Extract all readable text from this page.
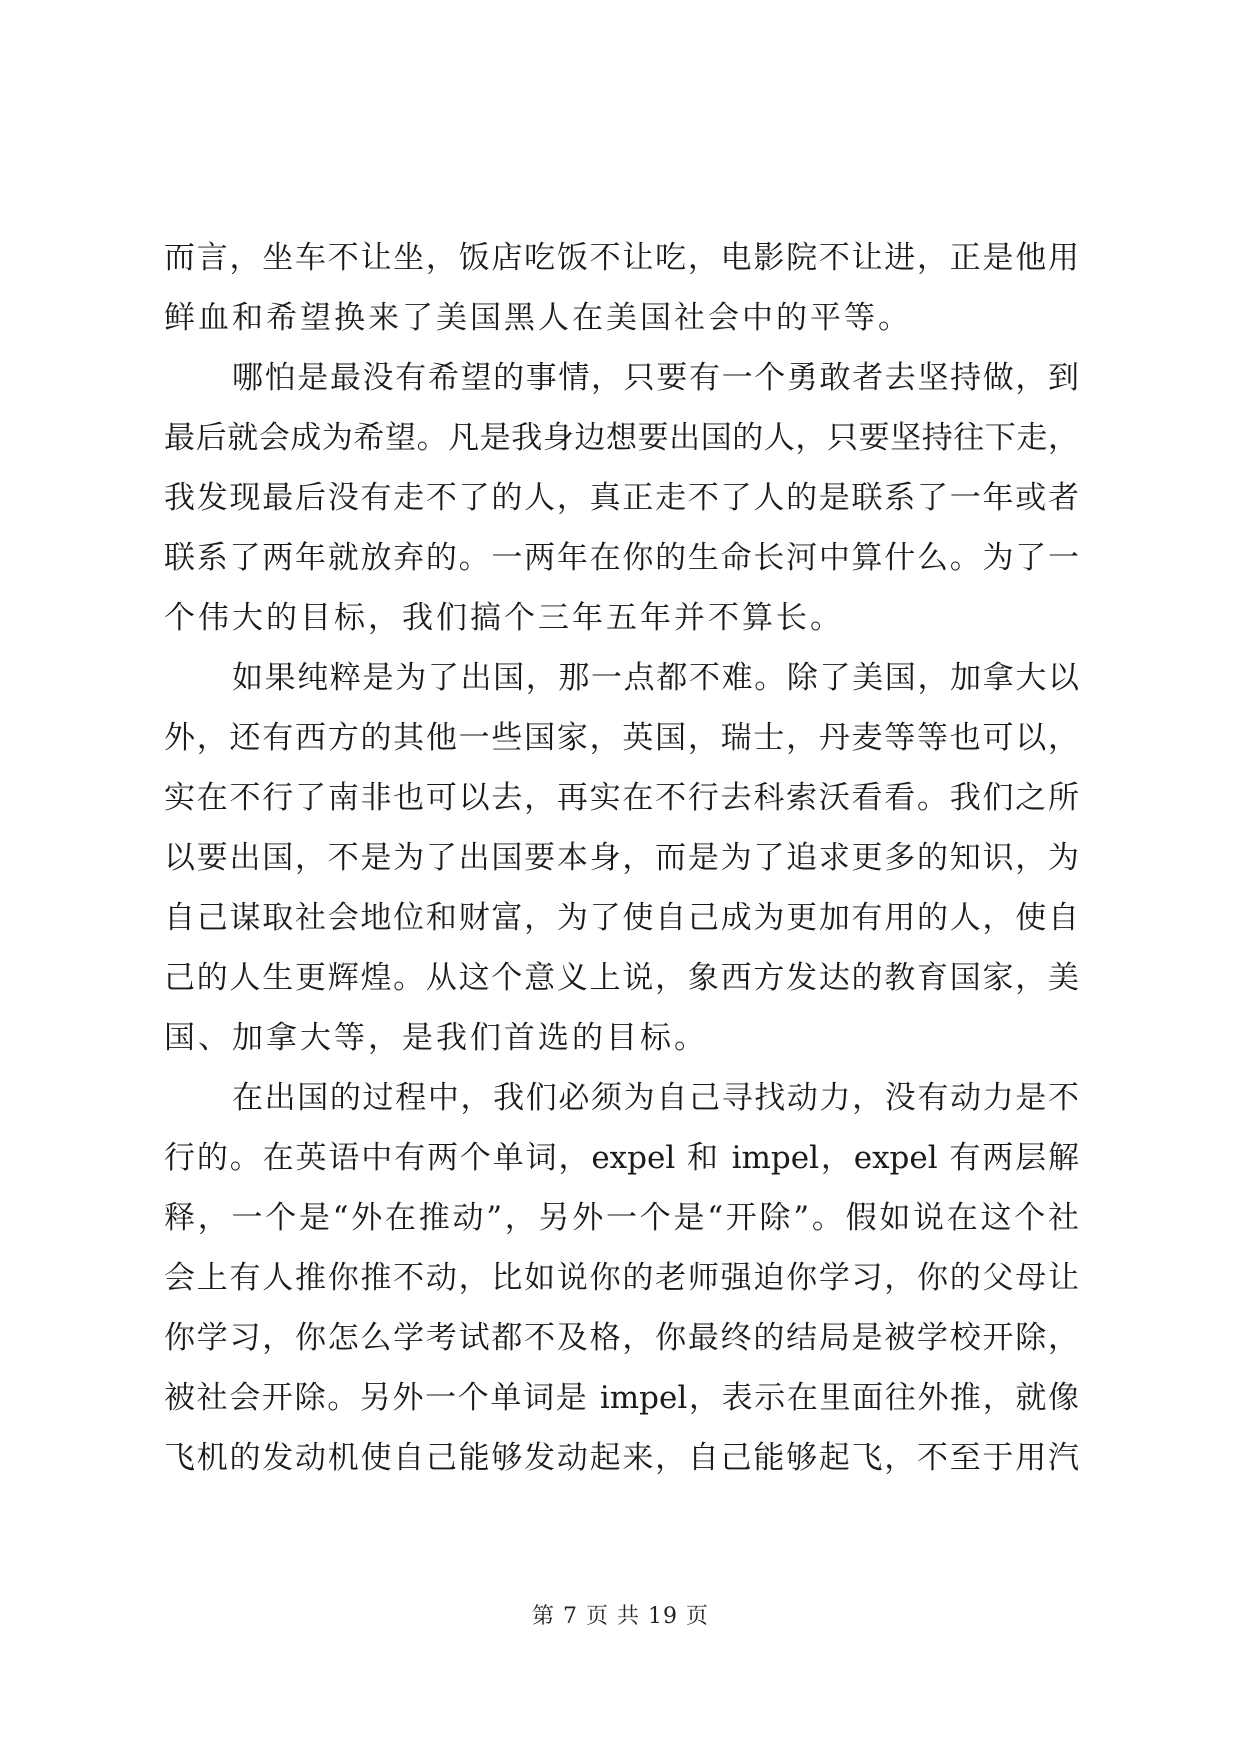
而言，坐车不让坐，饭店吃饭不让吃，电影院不让进，正是他用
鲜血和希望换来了美国黑人在美国社会中的平等。
哪怕是最没有希望的事情，只要有一个勇敢者去坚持做，到
最后就会成为希望。凡是我身边想要出国的人，只要坚持往下走，
我发现最后没有走不了的人，真正走不了人的是联系了一年或者
联系了两年就放弃的。一两年在你的生命长河中算什么。为了一
个伟大的目标，我们搞个三年五年并不算长。
如果纯粹是为了出国，那一点都不难。除了美国，加拿大以
外，还有西方的其他一些国家，英国，瑞士，丹麦等等也可以，
实在不行了南非也可以去，再实在不行去科索沃看看。我们之所
以要出国，不是为了出国要本身，而是为了追求更多的知识，为
自己谋取社会地位和财富，为了使自己成为更加有用的人，使自
己的人生更辉煌。从这个意义上说，象西方发达的教育国家，美
国、加拿大等，是我们首选的目标。
在出国的过程中，我们必须为自己寻找动力，没有动力是不
行的。在英语中有两个单词，expel 和 impel，expel 有两层解
释，一个是“外在推动”，另外一个是“开除”。假如说在这个社
会上有人推你推不动，比如说你的老师强迫你学习，你的父母让
你学习，你怎么学考试都不及格，你最终的结局是被学校开除，
被社会开除。另外一个单词是 impel，表示在里面往外推，就像
飞机的发动机使自己能够发动起来，自己能够起飞，不至于用汽
第 7 页 共 19 页
